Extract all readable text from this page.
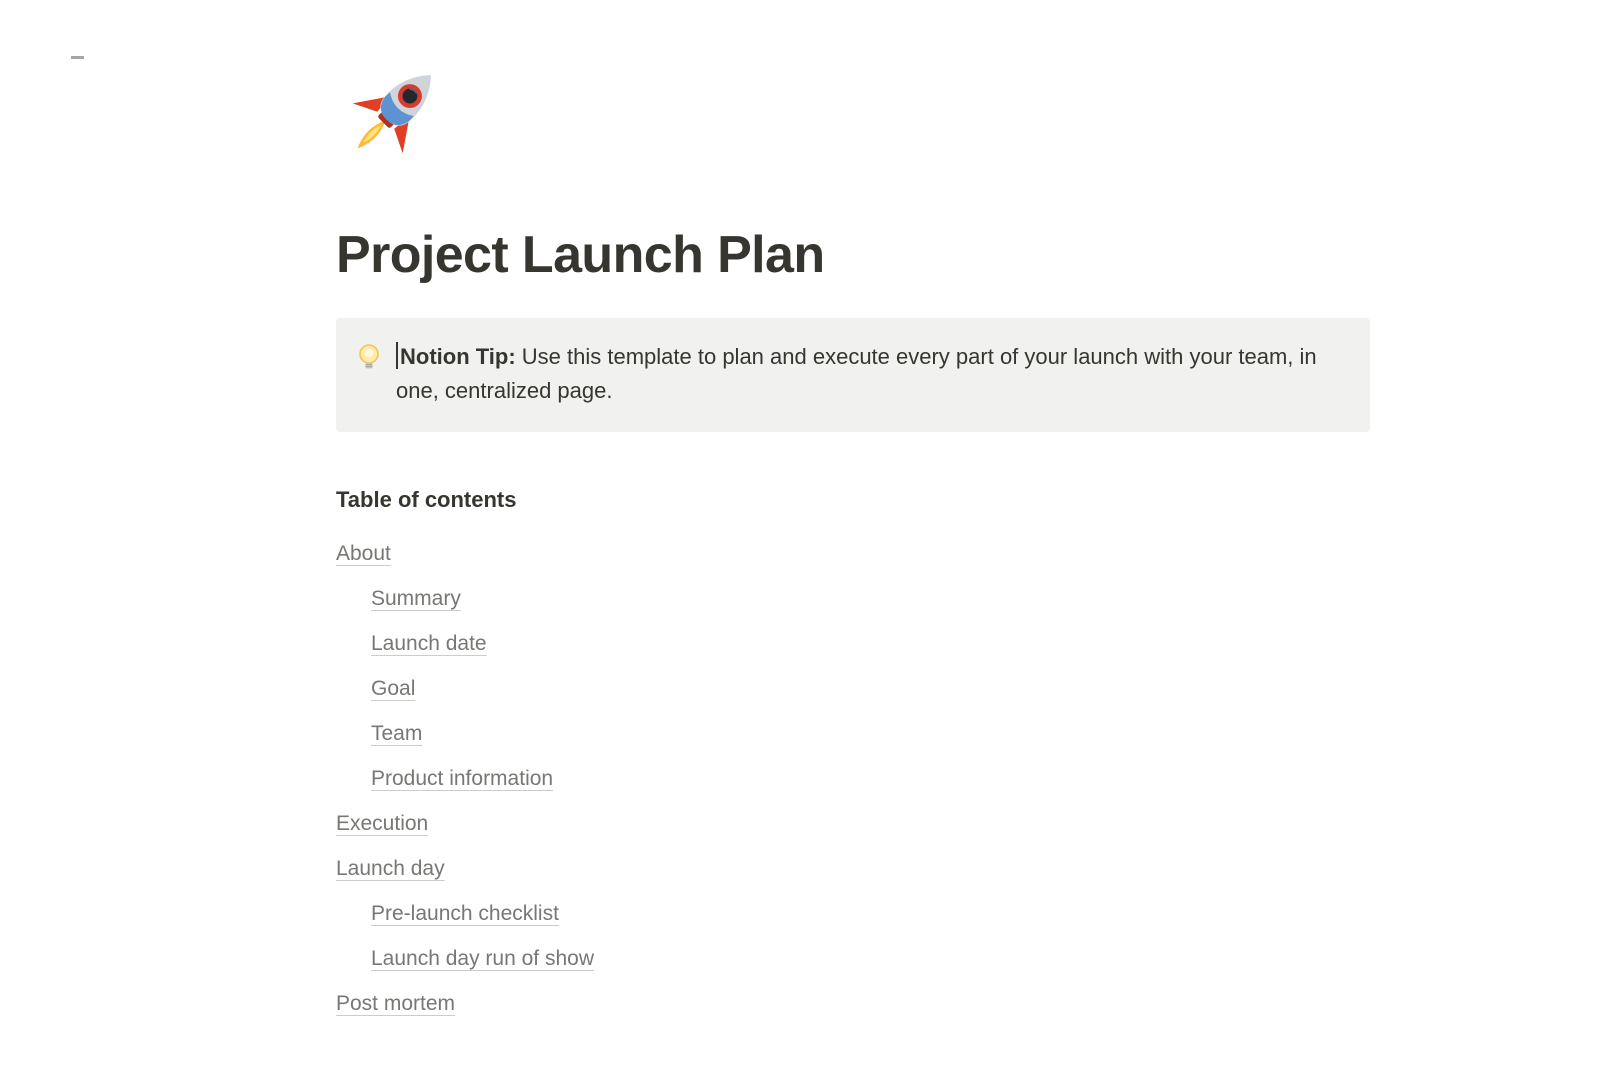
Project Launch Plan
Notion Tip: Use this template to plan and execute every part of your launch with your team, in one, centralized page.
Table of contents
About
Summary
Launch date
Goal
Team
Product information
Execution
Launch day
Pre-launch checklist
Launch day run of show
Post mortem
